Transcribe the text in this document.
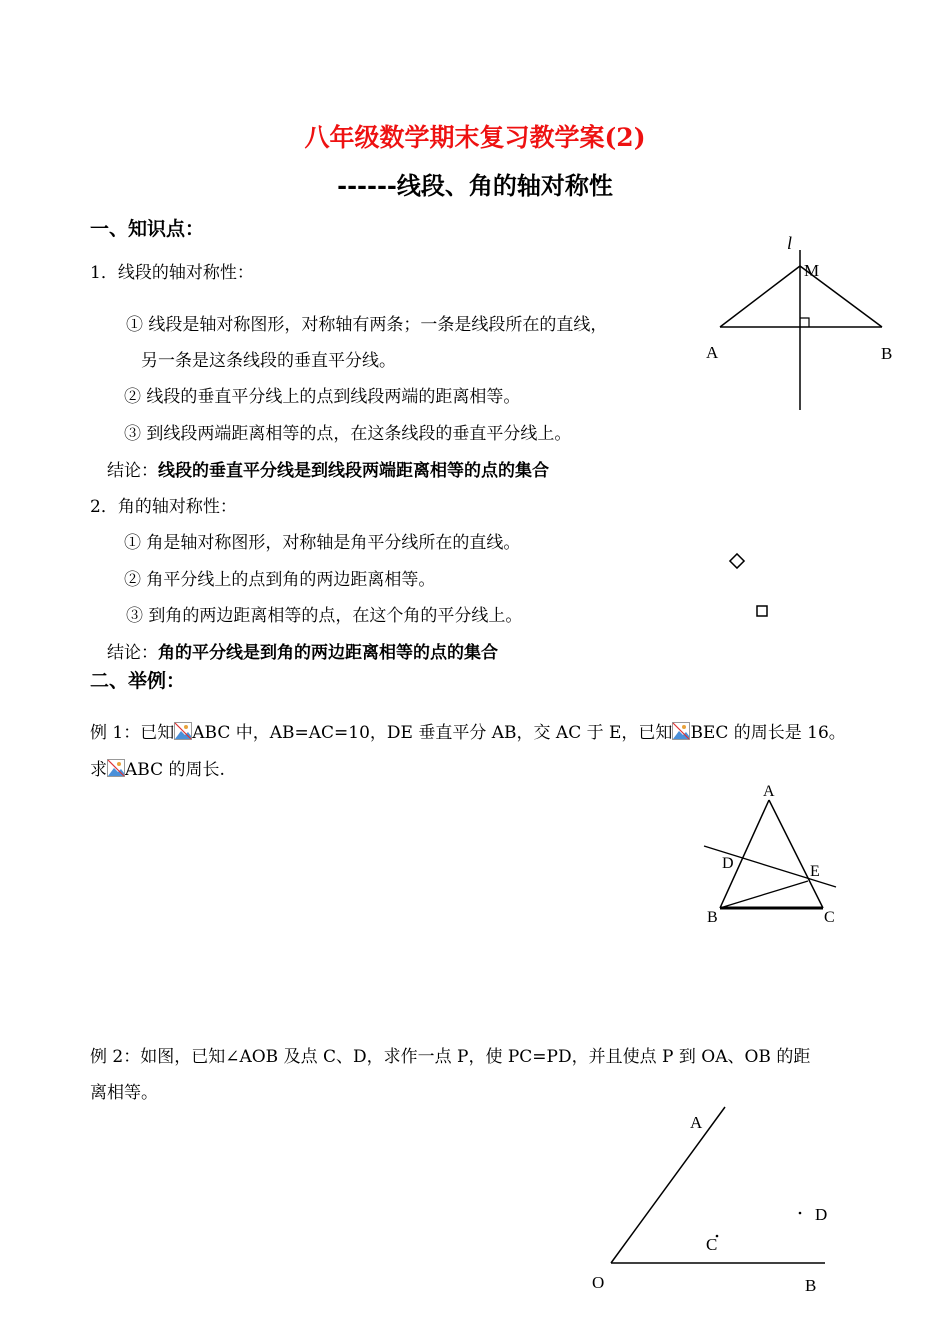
八年级数学期末复习教学案(2)
------线段、角的轴对称性
一、知识点：
1．线段的轴对称性：
① 线段是轴对称图形，对称轴有两条；一条是线段所在的直线，
另一条是这条线段的垂直平分线。
② 线段的垂直平分线上的点到线段两端的距离相等。
③ 到线段两端距离相等的点，在这条线段的垂直平分线上。
结论：线段的垂直平分线是到线段两端距离相等的点的集合
2．角的轴对称性：
① 角是轴对称图形，对称轴是角平分线所在的直线。
② 角平分线上的点到角的两边距离相等。
③ 到角的两边距离相等的点，在这个角的平分线上。
结论：角的平分线是到角的两边距离相等的点的集合
二、举例：
例 1：已知 ABC 中，AB=AC=10，DE 垂直平分 AB，交 AC 于 E，已知 BEC 的周长是 16。
求 ABC 的周长.
例 2：如图，已知∠AOB 及点 C、D，求作一点 P，使 PC=PD，并且使点 P 到 OA、OB 的距
离相等。
l
M
A	B
A
D	E
B	C
A
C
D
O	B
